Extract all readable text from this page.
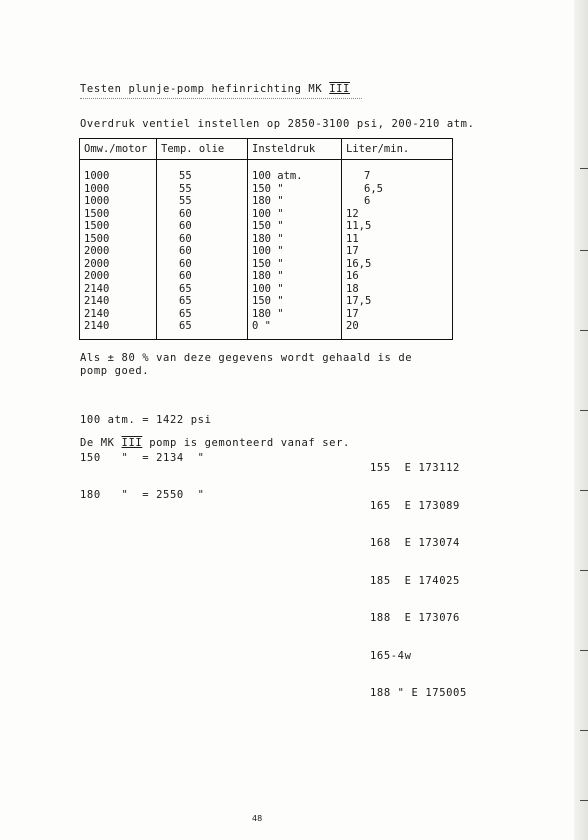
Testen plunje-pomp hefinrichting MK III
Overdruk ventiel instellen op 2850-3100 psi, 200-210 atm.
Omw./motor	Temp. olie	Insteldruk	Liter/min.

1000	55	100 atm.	7
1000	55	150 "	6,5
1000	55	180 "	6
1500	60	100 "	12
1500	60	150 "	11,5
1500	60	180 "	11
2000	60	100 "	17
2000	60	150 "	16,5
2000	60	180 "	16
2140	65	100 "	18
2140	65	150 "	17,5
2140	65	180 "	17
2140	65	0 "	20
Als ± 80 % van deze gegevens wordt gehaald is de
pomp goed.

100 atm. = 1422 psi

150   "  = 2134  "

180   "  = 2550  "

De MK III pomp is gemonteerd vanaf ser.

155  E 173112

165  E 173089

168  E 173074

185  E 174025

188  E 173076

165-4w

188 " E 175005

48
